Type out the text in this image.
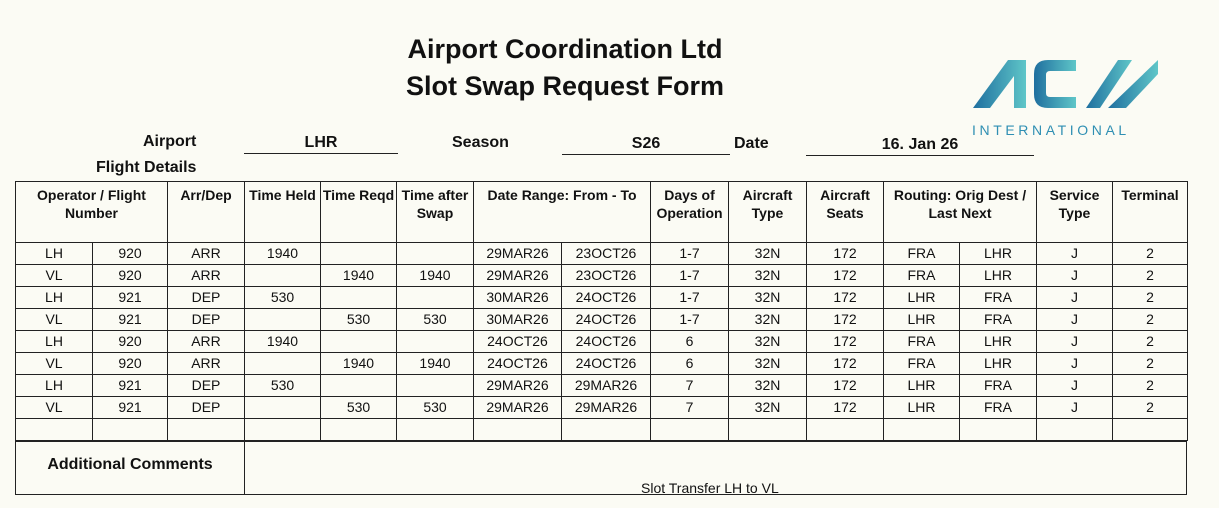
Airport Coordination Ltd
Slot Swap Request Form
INTERNATIONAL
Airport	LHR	Season	S26	Date	16. Jan 26
Flight Details
Operator / Flight Number		Arr/Dep	Time Held	Time Reqd	Time after Swap	Date Range: From - To		Days of Operation	Aircraft Type	Aircraft Seats	Routing: Orig Dest / Last Next		Service Type	Terminal
LH	920	ARR	1940			29MAR26	23OCT26	1-7	32N	172	FRA	LHR	J	2
VL	920	ARR		1940	1940	29MAR26	23OCT26	1-7	32N	172	FRA	LHR	J	2
LH	921	DEP	530			30MAR26	24OCT26	1-7	32N	172	LHR	FRA	J	2
VL	921	DEP		530	530	30MAR26	24OCT26	1-7	32N	172	LHR	FRA	J	2
LH	920	ARR	1940			24OCT26	24OCT26	6	32N	172	FRA	LHR	J	2
VL	920	ARR		1940	1940	24OCT26	24OCT26	6	32N	172	FRA	LHR	J	2
LH	921	DEP	530			29MAR26	29MAR26	7	32N	172	LHR	FRA	J	2
VL	921	DEP		530	530	29MAR26	29MAR26	7	32N	172	LHR	FRA	J	2

Additional Comments
Slot Transfer LH to VL
